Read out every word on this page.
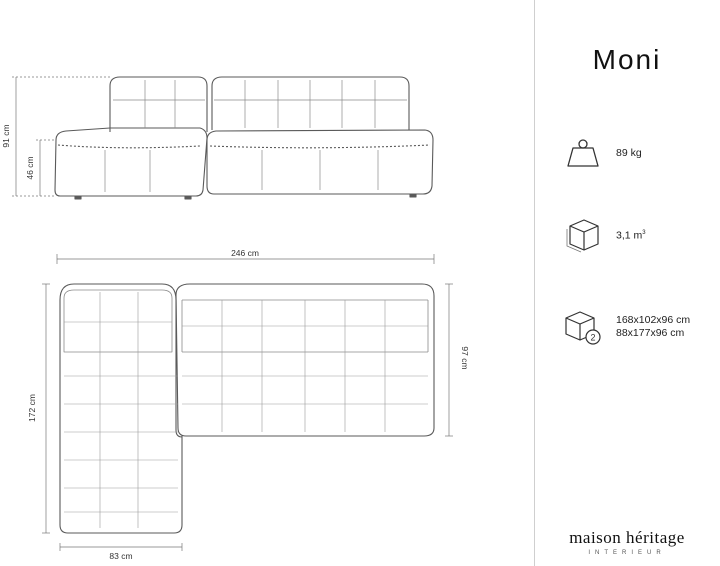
91 cm
46 cm
246 cm
172 cm
97 cm
83 cm
Moni
89 kg
3,1 $m^3$
2
168x102x96 cm
88x177x96 cm
maison héritage
INTERIEUR
